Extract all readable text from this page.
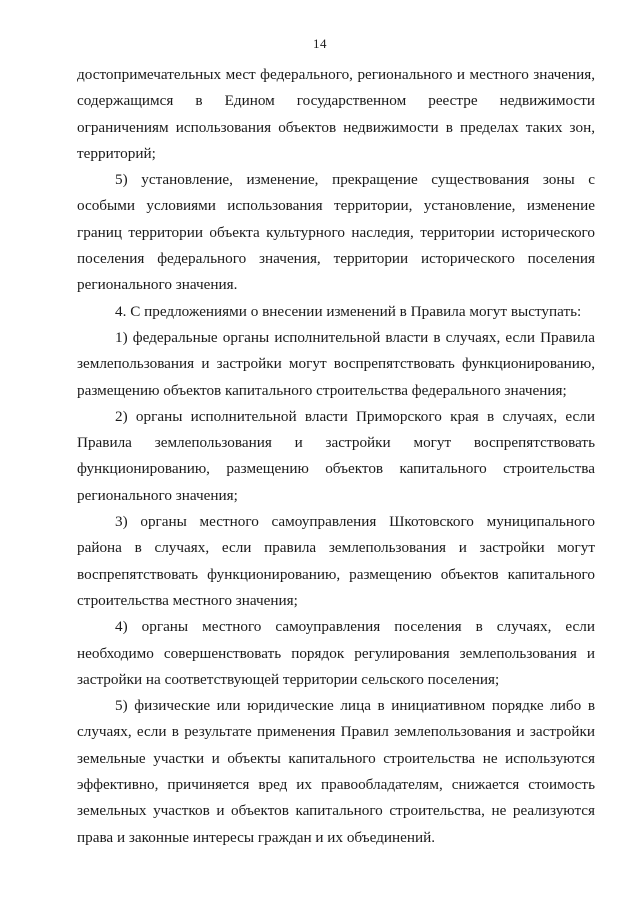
14

достопримечательных мест федерального, регионального и местного значения, содержащимся в Едином государственном реестре недвижимости ограничениям использования объектов недвижимости в пределах таких зон, территорий;

5) установление, изменение, прекращение существования зоны с особыми условиями использования территории, установление, изменение границ территории объекта культурного наследия, территории исторического поселения федерального значения, территории исторического поселения регионального значения.

4. С предложениями о внесении изменений в Правила могут выступать:

1) федеральные органы исполнительной власти в случаях, если Правила землепользования и застройки могут воспрепятствовать функционированию, размещению объектов капитального строительства федерального значения;

2) органы исполнительной власти Приморского края в случаях, если Правила землепользования и застройки могут воспрепятствовать функционированию, размещению объектов капитального строительства регионального значения;

3) органы местного самоуправления Шкотовского муниципального района в случаях, если правила землепользования и застройки могут воспрепятствовать функционированию, размещению объектов капитального строительства местного значения;

4) органы местного самоуправления поселения в случаях, если необходимо совершенствовать порядок регулирования землепользования и застройки на соответствующей территории сельского поселения;

5) физические или юридические лица в инициативном порядке либо в случаях, если в результате применения Правил землепользования и застройки земельные участки и объекты капитального строительства не используются эффективно, причиняется вред их правообладателям, снижается стоимость земельных участков и объектов капитального строительства, не реализуются права и законные интересы граждан и их объединений.
